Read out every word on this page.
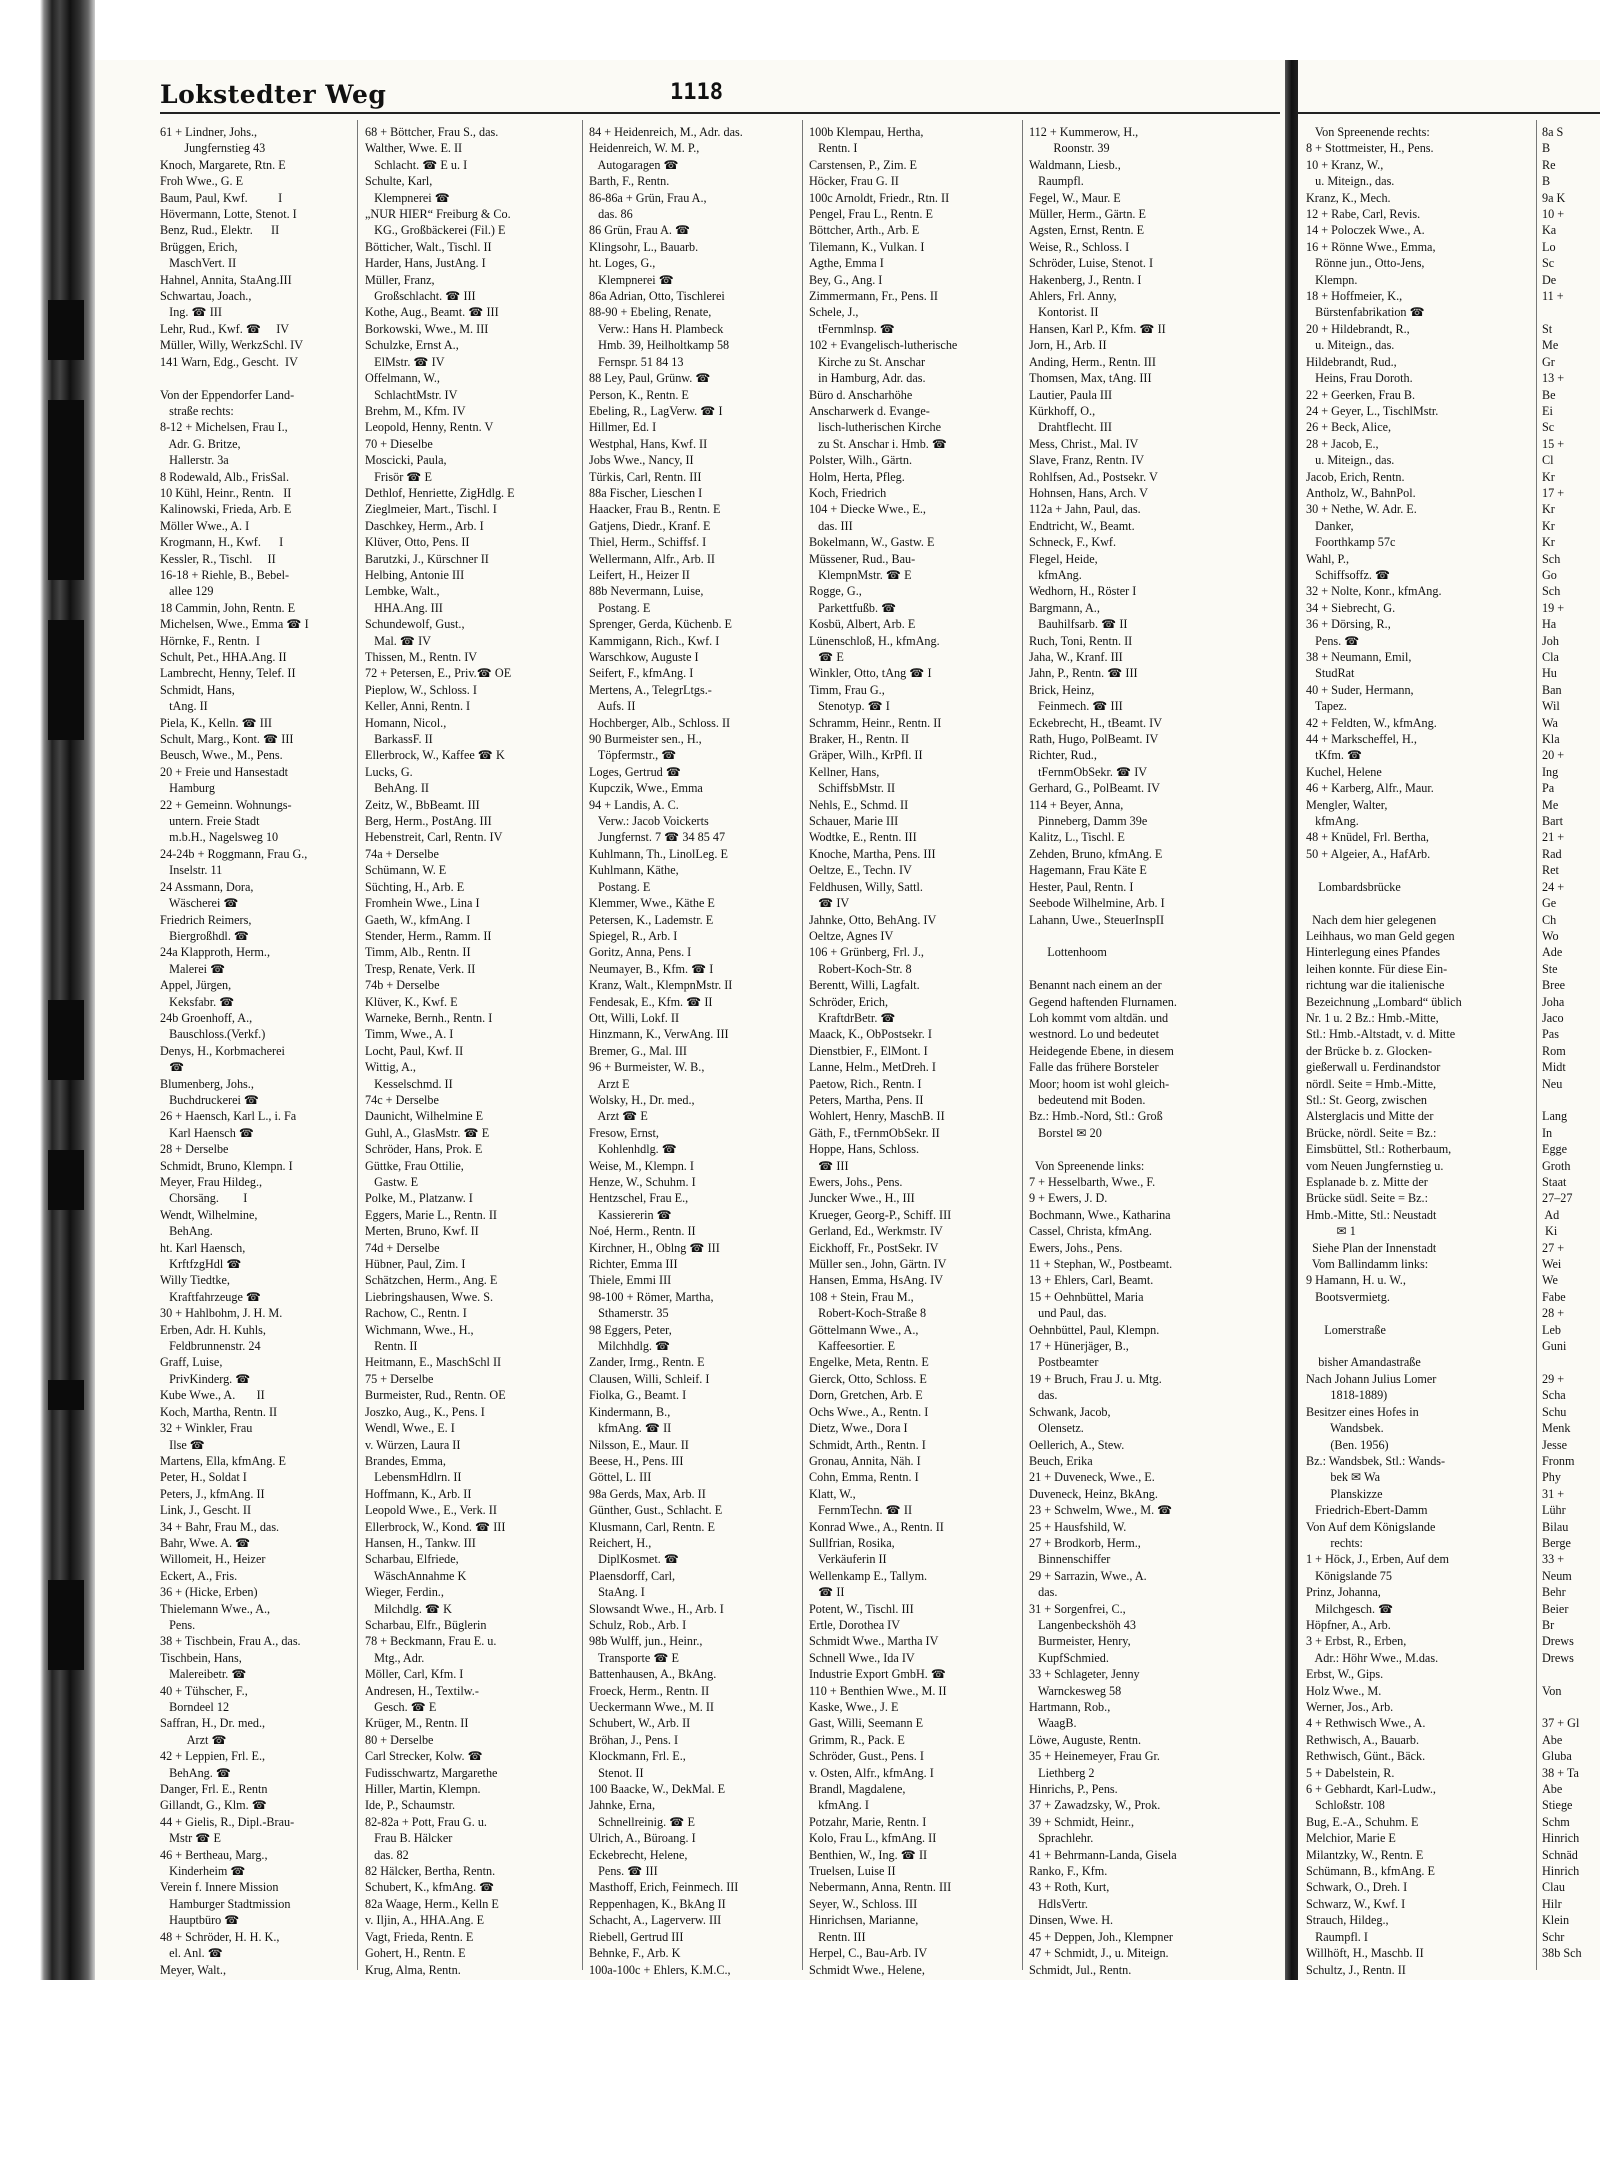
Lokstedter Weg	1118
61 + Lindner, Johs.,
Jungfernstieg 43
Knoch, Margarete, Rtn. E
Froh Wwe., G. E
Baum, Paul, Kwf.          I
Hövermann, Lotte, Stenot. I
Benz, Rud., Elektr.      II
Brüggen, Erich,
MaschVert. II
Hahnel, Annita, StaAng.III
Schwartau, Joach.,
Ing. ☎ III
Lehr, Rud., Kwf. ☎     IV
Müller, Willy, WerkzSchl. IV
141 Warn, Edg., Gescht.  IV

Von der Eppendorfer Land-
straße rechts:
8-12 + Michelsen, Frau I.,
Adr. G. Britze,
Hallerstr. 3a
8 Rodewald, Alb., FrisSal.
10 Kühl, Heinr., Rentn.   II
Kalinowski, Frieda, Arb. E
Möller Wwe., A. I
Krogmann, H., Kwf.      I
Kessler, R., Tischl.     II
16-18 + Riehle, B., Bebel-
allee 129
18 Cammin, John, Rentn. E
Michelsen, Wwe., Emma ☎ I
Hörnke, F., Rentn.  I
Schult, Pet., HHA.Ang. II
Lambrecht, Henny, Telef. II
Schmidt, Hans,
tAng. II
Piela, K., Kelln. ☎ III
Schult, Marg., Kont. ☎ III
Beusch, Wwe., M., Pens.
20 + Freie und Hansestadt
Hamburg
22 + Gemeinn. Wohnungs-
untern. Freie Stadt
m.b.H., Nagelsweg 10
24-24b + Roggmann, Frau G.,
Inselstr. 11
24 Assmann, Dora,
Wäscherei ☎
Friedrich Reimers,
Biergroßhdl. ☎
24a Klapproth, Herm.,
Malerei ☎
Appel, Jürgen,
Keksfabr. ☎
24b Groenhoff, A.,
Bauschloss.(Verkf.)
Denys, H., Korbmacherei
☎
Blumenberg, Johs.,
Buchdruckerei ☎
26 + Haensch, Karl L., i. Fa
Karl Haensch ☎
28 + Derselbe
Schmidt, Bruno, Klempn. I
Meyer, Frau Hildeg.,
Chorsäng.        I
Wendt, Wilhelmine,
BehAng.
ht. Karl Haensch,
KrftfzgHdl ☎
Willy Tiedtke,
Kraftfahrzeuge ☎
30 + Hahlbohm, J. H. M.
Erben, Adr. H. Kuhls,
Feldbrunnenstr. 24
Graff, Luise,
PrivKinderg. ☎
Kube Wwe., A.       II
Koch, Martha, Rentn. II
32 + Winkler, Frau
Ilse ☎
Martens, Ella, kfmAng. E
Peter, H., Soldat I
Peters, J., kfmAng. II
Link, J., Gescht. II
34 + Bahr, Frau M., das.
Bahr, Wwe. A. ☎
Willomeit, H., Heizer
Eckert, A., Fris.
36 + (Hicke, Erben)
Thielemann Wwe., A.,
Pens.
38 + Tischbein, Frau A., das.
Tischbein, Hans,
Malereibetr. ☎
40 + Tühscher, F.,
Borndeel 12
Saffran, H., Dr. med.,
Arzt ☎
42 + Leppien, Frl. E.,
BehAng. ☎
Danger, Frl. E., Rentn
Gillandt, G., Klm. ☎
44 + Gielis, R., Dipl.-Brau-
Mstr ☎ E
46 + Bertheau, Marg.,
Kinderheim ☎
Verein f. Innere Mission
Hamburger Stadtmission
Hauptbüro ☎
48 + Schröder, H. H. K.,
el. Anl. ☎
Meyer, Walt.,

68 + Böttcher, Frau S., das.
Walther, Wwe. E. II
Schlacht. ☎ E u. I
Schulte, Karl,
Klempnerei ☎
„NUR HIER“ Freiburg & Co.
KG., Großbäckerei (Fil.) E
Bötticher, Walt., Tischl. II
Harder, Hans, JustAng. I
Müller, Franz,
Großschlacht. ☎ III
Kothe, Aug., Beamt. ☎ III
Borkowski, Wwe., M. III
Schulzke, Ernst A.,
ElMstr. ☎ IV
Offelmann, W.,
SchlachtMstr. IV
Brehm, M., Kfm. IV
Leopold, Henny, Rentn. V
70 + Dieselbe
Moscicki, Paula,
Frisör ☎ E
Dethlof, Henriette, ZigHdlg. E
Zieglmeier, Mart., Tischl. I
Daschkey, Herm., Arb. I
Klüver, Otto, Pens. II
Barutzki, J., Kürschner II
Helbing, Antonie III
Lembke, Walt.,
HHA.Ang. III
Schundewolf, Gust.,
Mal. ☎ IV
Thissen, M., Rentn. IV
72 + Petersen, E., Priv.☎ OE
Pieplow, W., Schloss. I
Keller, Anni, Rentn. I
Homann, Nicol.,
BarkassF. II
Ellerbrock, W., Kaffee ☎ K
Lucks, G.
BehAng. II
Zeitz, W., BbBeamt. III
Berg, Herm., PostAng. III
Hebenstreit, Carl, Rentn. IV
74a + Derselbe
Schümann, W. E
Süchting, H., Arb. E
Fromhein Wwe., Lina I
Gaeth, W., kfmAng. I
Stender, Herm., Ramm. II
Timm, Alb., Rentn. II
Tresp, Renate, Verk. II
74b + Derselbe
Klüver, K., Kwf. E
Warneke, Bernh., Rentn. I
Timm, Wwe., A. I
Locht, Paul, Kwf. II
Wittig, A.,
Kesselschmd. II
74c + Derselbe
Daunicht, Wilhelmine E
Guhl, A., GlasMstr. ☎ E
Schröder, Hans, Prok. E
Güttke, Frau Ottilie,
Gastw. E
Polke, M., Platzanw. I
Eggers, Marie L., Rentn. II
Merten, Bruno, Kwf. II
74d + Derselbe
Hübner, Paul, Zim. I
Schätzchen, Herm., Ang. E
Liebringshausen, Wwe. S.
Rachow, C., Rentn. I
Wichmann, Wwe., H.,
Rentn. II
Heitmann, E., MaschSchl II
75 + Derselbe
Burmeister, Rud., Rentn. OE
Joszko, Aug., K., Pens. I
Wendl, Wwe., E. I
v. Würzen, Laura II
Brandes, Emma,
LebensmHdlrn. II
Hoffmann, K., Arb. II
Leopold Wwe., E., Verk. II
Ellerbrock, W., Kond. ☎ III
Hansen, H., Tankw. III
Scharbau, Elfriede,
WäschAnnahme K
Wieger, Ferdin.,
Milchdlg. ☎ K
Scharbau, Elfr., Büglerin
78 + Beckmann, Frau E. u.
Mtg., Adr.
Möller, Carl, Kfm. I
Andresen, H., Textilw.-
Gesch. ☎ E
Krüger, M., Rentn. II
80 + Derselbe
Carl Strecker, Kolw. ☎
Fudisschwartz, Margarethe
Hiller, Martin, Klempn.
Ide, P., Schaumstr.
82-82a + Pott, Frau G. u.
Frau B. Hälcker
das. 82
82 Hälcker, Bertha, Rentn.
Schubert, K., kfmAng. ☎
82a Waage, Herm., Kelln E
v. Iljin, A., HHA.Ang. E
Vagt, Frieda, Rentn. E
Gohert, H., Rentn. E
Krug, Alma, Rentn.

84 + Heidenreich, M., Adr. das.
Heidenreich, W. M. P.,
Autogaragen ☎
Barth, F., Rentn.
86-86a + Grün, Frau A.,
das. 86
86 Grün, Frau A. ☎
Klingsohr, L., Bauarb.
ht. Loges, G.,
Klempnerei ☎
86a Adrian, Otto, Tischlerei
88-90 + Ebeling, Renate,
Verw.: Hans H. Plambeck
Hmb. 39, Heilholtkamp 58
Fernspr. 51 84 13
88 Ley, Paul, Grünw. ☎
Person, K., Rentn. E
Ebeling, R., LagVerw. ☎ I
Hillmer, Ed. I
Westphal, Hans, Kwf. II
Jobs Wwe., Nancy, II
Türkis, Carl, Rentn. III
88a Fischer, Lieschen I
Haacker, Frau B., Rentn. E
Gatjens, Diedr., Kranf. E
Thiel, Herm., Schiffsf. I
Wellermann, Alfr., Arb. II
Leifert, H., Heizer II
88b Nevermann, Luise,
Postang. E
Sprenger, Gerda, Küchenb. E
Kammigann, Rich., Kwf. I
Warschkow, Auguste I
Seifert, F., kfmAng. I
Mertens, A., TelegrLtgs.-
Aufs. II
Hochberger, Alb., Schloss. II
90 Burmeister sen., H.,
Töpfermstr., ☎
Loges, Gertrud ☎
Kupczik, Wwe., Emma
94 + Landis, A. C.
Verw.: Jacob Voickerts
Jungfernst. 7 ☎ 34 85 47
Kuhlmann, Th., LinolLeg. E
Kuhlmann, Käthe,
Postang. E
Klemmer, Wwe., Käthe E
Petersen, K., Lademstr. E
Spiegel, R., Arb. I
Goritz, Anna, Pens. I
Neumayer, B., Kfm. ☎ I
Kranz, Walt., KlempnMstr. II
Fendesak, E., Kfm. ☎ II
Ott, Willi, Lokf. II
Hinzmann, K., VerwAng. III
Bremer, G., Mal. III
96 + Burmeister, W. B.,
Arzt E
Wolsky, H., Dr. med.,
Arzt ☎ E
Fresow, Ernst,
Kohlenhdlg. ☎
Weise, M., Klempn. I
Henze, W., Schuhm. I
Hentzschel, Frau E.,
Kassiererin ☎
Noé, Herm., Rentn. II
Kirchner, H., Oblng ☎ III
Richter, Emma III
Thiele, Emmi III
98-100 + Römer, Martha,
Sthamerstr. 35
98 Eggers, Peter,
Milchhdlg. ☎
Zander, Irmg., Rentn. E
Clausen, Willi, Schleif. I
Fiolka, G., Beamt. I
Kindermann, B.,
kfmAng. ☎ II
Nilsson, E., Maur. II
Beese, H., Pens. III
Göttel, L. III
98a Gerds, Max, Arb. II
Günther, Gust., Schlacht. E
Klusmann, Carl, Rentn. E
Reichert, H.,
DiplKosmet. ☎
Plaensdorff, Carl,
StaAng. I
Slowsandt Wwe., H., Arb. I
Schulz, Rob., Arb. I
98b Wulff, jun., Heinr.,
Transporte ☎ E
Battenhausen, A., BkAng.
Froeck, Herm., Rentn. II
Ueckermann Wwe., M. II
Schubert, W., Arb. II
Bröhan, J., Pens. I
Klockmann, Frl. E.,
Stenot. II
100 Baacke, W., DekMal. E
Jahnke, Erna,
Schnellreinig. ☎ E
Ulrich, A., Büroang. I
Eckebrecht, Helene,
Pens. ☎ III
Masthoff, Erich, Feinmech. III
Reppenhagen, K., BkAng II
Schacht, A., Lagerverw. III
Riebell, Gertrud III
Behnke, F., Arb. K
100a-100c + Ehlers, K.M.C.,

100b Klempau, Hertha,
Rentn. I
Carstensen, P., Zim. E
Höcker, Frau G. II
100c Arnoldt, Friedr., Rtn. II
Pengel, Frau L., Rentn. E
Böttcher, Arth., Arb. E
Tilemann, K., Vulkan. I
Agthe, Emma I
Bey, G., Ang. I
Zimmermann, Fr., Pens. II
Schele, J.,
tFernmlnsp. ☎
102 + Evangelisch-lutherische
Kirche zu St. Anschar
in Hamburg, Adr. das.
Büro d. Anscharhöhe
Anscharwerk d. Evange-
lisch-lutherischen Kirche
zu St. Anschar i. Hmb. ☎
Polster, Wilh., Gärtn.
Holm, Herta, Pfleg.
Koch, Friedrich
104 + Diecke Wwe., E.,
das. III
Bokelmann, W., Gastw. E
Müssener, Rud., Bau-
KlempnMstr. ☎ E
Rogge, G.,
Parkettfußb. ☎
Kosbü, Albert, Arb. E
Lünenschloß, H., kfmAng.
☎ E
Winkler, Otto, tAng ☎ I
Timm, Frau G.,
Stenotyp. ☎ I
Schramm, Heinr., Rentn. II
Braker, H., Rentn. II
Gräper, Wilh., KrPfl. II
Kellner, Hans,
SchiffsbMstr. II
Nehls, E., Schmd. II
Schauer, Marie III
Wodtke, E., Rentn. III
Knoche, Martha, Pens. III
Oeltze, E., Techn. IV
Feldhusen, Willy, Sattl.
☎ IV
Jahnke, Otto, BehAng. IV
Oeltze, Agnes IV
106 + Grünberg, Frl. J.,
Robert-Koch-Str. 8
Berentt, Willi, Lagfalt.
Schröder, Erich,
KraftdrBetr. ☎
Maack, K., ObPostsekr. I
Dienstbier, F., ElMont. I
Lanne, Helm., MetDreh. I
Paetow, Rich., Rentn. I
Peters, Martha, Pens. II
Wohlert, Henry, MaschB. II
Gäth, F., tFernmObSekr. II
Hoppe, Hans, Schloss.
☎ III
Ewers, Johs., Pens.
Juncker Wwe., H., III
Krueger, Georg-P., Schiff. III
Gerland, Ed., Werkmstr. IV
Eickhoff, Fr., PostSekr. IV
Müller sen., John, Gärtn. IV
Hansen, Emma, HsAng. IV
108 + Stein, Frau M.,
Robert-Koch-Straße 8
Göttelmann Wwe., A.,
Kaffeesortier. E
Engelke, Meta, Rentn. E
Gierck, Otto, Schloss. E
Dorn, Gretchen, Arb. E
Ochs Wwe., A., Rentn. I
Dietz, Wwe., Dora I
Schmidt, Arth., Rentn. I
Gronau, Annita, Näh. I
Cohn, Emma, Rentn. I
Klatt, W.,
FernmTechn. ☎ II
Konrad Wwe., A., Rentn. II
Sullfrian, Rosika,
Verkäuferin II
Wellenkamp E., Tallym.
☎ II
Potent, W., Tischl. III
Ertle, Dorothea IV
Schmidt Wwe., Martha IV
Schnell Wwe., Ida IV
Industrie Export GmbH. ☎
110 + Benthien Wwe., M. II
Kaske, Wwe., J. E
Gast, Willi, Seemann E
Grimm, R., Pack. E
Schröder, Gust., Pens. I
v. Osten, Alfr., kfmAng. I
Brandl, Magdalene,
kfmAng. I
Potzahr, Marie, Rentn. I
Kolo, Frau L., kfmAng. II
Benthien, W., Ing. ☎ II
Truelsen, Luise II
Nebermann, Anna, Rentn. III
Seyer, W., Schloss. III
Hinrichsen, Marianne,
Rentn. III
Herpel, C., Bau-Arb. IV
Schmidt Wwe., Helene,

112 + Kummerow, H.,
Roonstr. 39
Waldmann, Liesb.,
Raumpfl.
Fegel, W., Maur. E
Müller, Herm., Gärtn. E
Agsten, Ernst, Rentn. E
Weise, R., Schloss. I
Schröder, Luise, Stenot. I
Hakenberg, J., Rentn. I
Ahlers, Frl. Anny,
Kontorist. II
Hansen, Karl P., Kfm. ☎ II
Jorn, H., Arb. II
Anding, Herm., Rentn. III
Thomsen, Max, tAng. III
Lautier, Paula III
Kürkhoff, O.,
Drahtflecht. III
Mess, Christ., Mal. IV
Slave, Franz, Rentn. IV
Rohlfsen, Ad., Postsekr. V
Hohnsen, Hans, Arch. V
112a + Jahn, Paul, das.
Endtricht, W., Beamt.
Schneck, F., Kwf.
Flegel, Heide,
kfmAng.
Wedhorn, H., Röster I
Bargmann, A.,
Bauhilfsarb. ☎ II
Ruch, Toni, Rentn. II
Jaha, W., Kranf. III
Jahn, P., Rentn. ☎ III
Brick, Heinz,
Feinmech. ☎ III
Eckebrecht, H., tBeamt. IV
Rath, Hugo, PolBeamt. IV
Richter, Rud.,
tFernmObSekr. ☎ IV
Gerhard, G., PolBeamt. IV
114 + Beyer, Anna,
Pinneberg, Damm 39e
Kalitz, L., Tischl. E
Zehden, Bruno, kfmAng. E
Hagemann, Frau Käte E
Hester, Paul, Rentn. I
Seebode Wilhelmine, Arb. I
Lahann, Uwe., SteuerInspII

Lottenhoom

Benannt nach einem an der
Gegend haftenden Flurnamen.
Loh kommt vom altdän. und
westnord. Lo und bedeutet
Heidegende Ebene, in diesem
Falle das frühere Borsteler
Moor; hoom ist wohl gleich-
bedeutend mit Boden.
Bz.: Hmb.-Nord, Stl.: Groß
Borstel ✉ 20

Von Spreenende links:
7 + Hesselbarth, Wwe., F.
9 + Ewers, J. D.
Bochmann, Wwe., Katharina
Cassel, Christa, kfmAng.
Ewers, Johs., Pens.
11 + Stephan, W., Postbeamt.
13 + Ehlers, Carl, Beamt.
15 + Oehnbüttel, Maria
und Paul, das.
Oehnbüttel, Paul, Klempn.
17 + Hünerjäger, B.,
Postbeamter
19 + Bruch, Frau J. u. Mtg.
das.
Schwank, Jacob,
Olensetz.
Oellerich, A., Stew.
Beuch, Erika
21 + Duveneck, Wwe., E.
Duveneck, Heinz, BkAng.
23 + Schwelm, Wwe., M. ☎
25 + Hausfshild, W.
27 + Brodkorb, Herm.,
Binnenschiffer
29 + Sarrazin, Wwe., A.
das.
31 + Sorgenfrei, C.,
Langenbeckshöh 43
Burmeister, Henry,
KupfSchmied.
33 + Schlageter, Jenny
Warnckesweg 58
Hartmann, Rob.,
WaagB.
Löwe, Auguste, Rentn.
35 + Heinemeyer, Frau Gr.
Liethberg 2
Hinrichs, P., Pens.
37 + Zawadzsky, W., Prok.
39 + Schmidt, Heinr.,
Sprachlehr.
41 + Behrmann-Landa, Gisela
Ranko, F., Kfm.
43 + Roth, Kurt,
HdlsVertr.
Dinsen, Wwe. H.
45 + Deppen, Joh., Klempner
47 + Schmidt, J., u. Miteign.
Schmidt, Jul., Rentn.

Von Spreenende rechts:
8 + Stottmeister, H., Pens.
10 + Kranz, W.,
u. Miteign., das.
Kranz, K., Mech.
12 + Rabe, Carl, Revis.
14 + Poloczek Wwe., A.
16 + Rönne Wwe., Emma,
Rönne jun., Otto-Jens,
Klempn.
18 + Hoffmeier, K.,
Bürstenfabrikation ☎
20 + Hildebrandt, R.,
u. Miteign., das.
Hildebrandt, Rud.,
Heins, Frau Doroth.
22 + Geerken, Frau B.
24 + Geyer, L., TischlMstr.
26 + Beck, Alice,
28 + Jacob, E.,
u. Miteign., das.
Jacob, Erich, Rentn.
Antholz, W., BahnPol.
30 + Nethe, W. Adr. E.
Danker,
Foorthkamp 57c
Wahl, P.,
Schiffsoffz. ☎
32 + Nolte, Konr., kfmAng.
34 + Siebrecht, G.
36 + Dörsing, R.,
Pens. ☎
38 + Neumann, Emil,
StudRat
40 + Suder, Hermann,
Tapez.
42 + Feldten, W., kfmAng.
44 + Markscheffel, H.,
tKfm. ☎
Kuchel, Helene
46 + Karberg, Alfr., Maur.
Mengler, Walter,
kfmAng.
48 + Knüdel, Frl. Bertha,
50 + Algeier, A., HafArb.

Lombardsbrücke

Nach dem hier gelegenen
Leihhaus, wo man Geld gegen
Hinterlegung eines Pfandes
leihen konnte. Für diese Ein-
richtung war die italienische
Bezeichnung „Lombard“ üblich
Nr. 1 u. 2 Bz.: Hmb.-Mitte,
Stl.: Hmb.-Altstadt, v. d. Mitte
der Brücke b. z. Glocken-
gießerwall u. Ferdinandstor
nördl. Seite = Hmb.-Mitte,
Stl.: St. Georg, zwischen
Alsterglacis und Mitte der
Brücke, nördl. Seite = Bz.:
Eimsbüttel, Stl.: Rotherbaum,
vom Neuen Jungfernstieg u.
Esplanade b. z. Mitte der
Brücke südl. Seite = Bz.:
Hmb.-Mitte, Stl.: Neustadt
✉ 1
Siehe Plan der Innenstadt
Vom Ballindamm links:
9 Hamann, H. u. W.,
Bootsvermietg.

Lomerstraße

bisher Amandastraße
Nach Johann Julius Lomer
1818-1889)
Besitzer eines Hofes in
Wandsbek.
(Ben. 1956)
Bz.: Wandsbek, Stl.: Wands-
bek ✉ Wa
Planskizze
Friedrich-Ebert-Damm
Von Auf dem Königslande
rechts:
1 + Höck, J., Erben, Auf dem
Königslande 75
Prinz, Johanna,
Milchgesch. ☎
Höpfner, A., Arb.
3 + Erbst, R., Erben,
Adr.: Höhr Wwe., M.das.
Erbst, W., Gips.
Holz Wwe., M.
Werner, Jos., Arb.
4 + Rethwisch Wwe., A.
Rethwisch, A., Bauarb.
Rethwisch, Günt., Bäck.
5 + Dabelstein, R.
6 + Gebhardt, Karl-Ludw.,
Schloßstr. 108
Bug, E.-A., Schuhm. E
Melchior, Marie E
Milantzky, W., Rentn. E
Schümann, B., kfmAng. E
Schwark, O., Dreh. I
Schwarz, W., Kwf. I
Strauch, Hildeg.,
Raumpfl. I
Willhöft, H., Maschb. II
Schultz, J., Rentn. II

8a S
B
Re
B
9a K
10 +
Ka
Lo
Sc
De
11 +

St
Me
Gr
13 +
Be
Ei
Sc
15 +
Cl
Kr
17 +
Kr
Kr
Kr
Sch
Go
Sch
19 +
Ha
Joh
Cla
Hu
Ban
Wil
Wa
Kla
20 +
Ing
Pa
Me
Bart
21 +
Rad
Ret
24 +
Ge
Ch
Wo
Ade
Ste
Bree
Joha
Jaco
Pas
Rom
Midt
Neu

Lang
In
Egge
Groth
Staat
27–27
Ad
Ki
27 +
Wei
We
Fabe
28 +
Leb
Guni

29 +
Scha
Schu
Menk
Jesse
Fronm
Phy
31 +
Lühr
Bilau
Berge
33 +
Neum
Behr
Beier
Br
Drews
Drews

Von

37 + Gl
Abe
Gluba
38 + Ta
Abe
Stiege
Schm
Hinrich
Schnäd
Hinrich
Clau
Hilr
Klein
Schr
38b Sch
